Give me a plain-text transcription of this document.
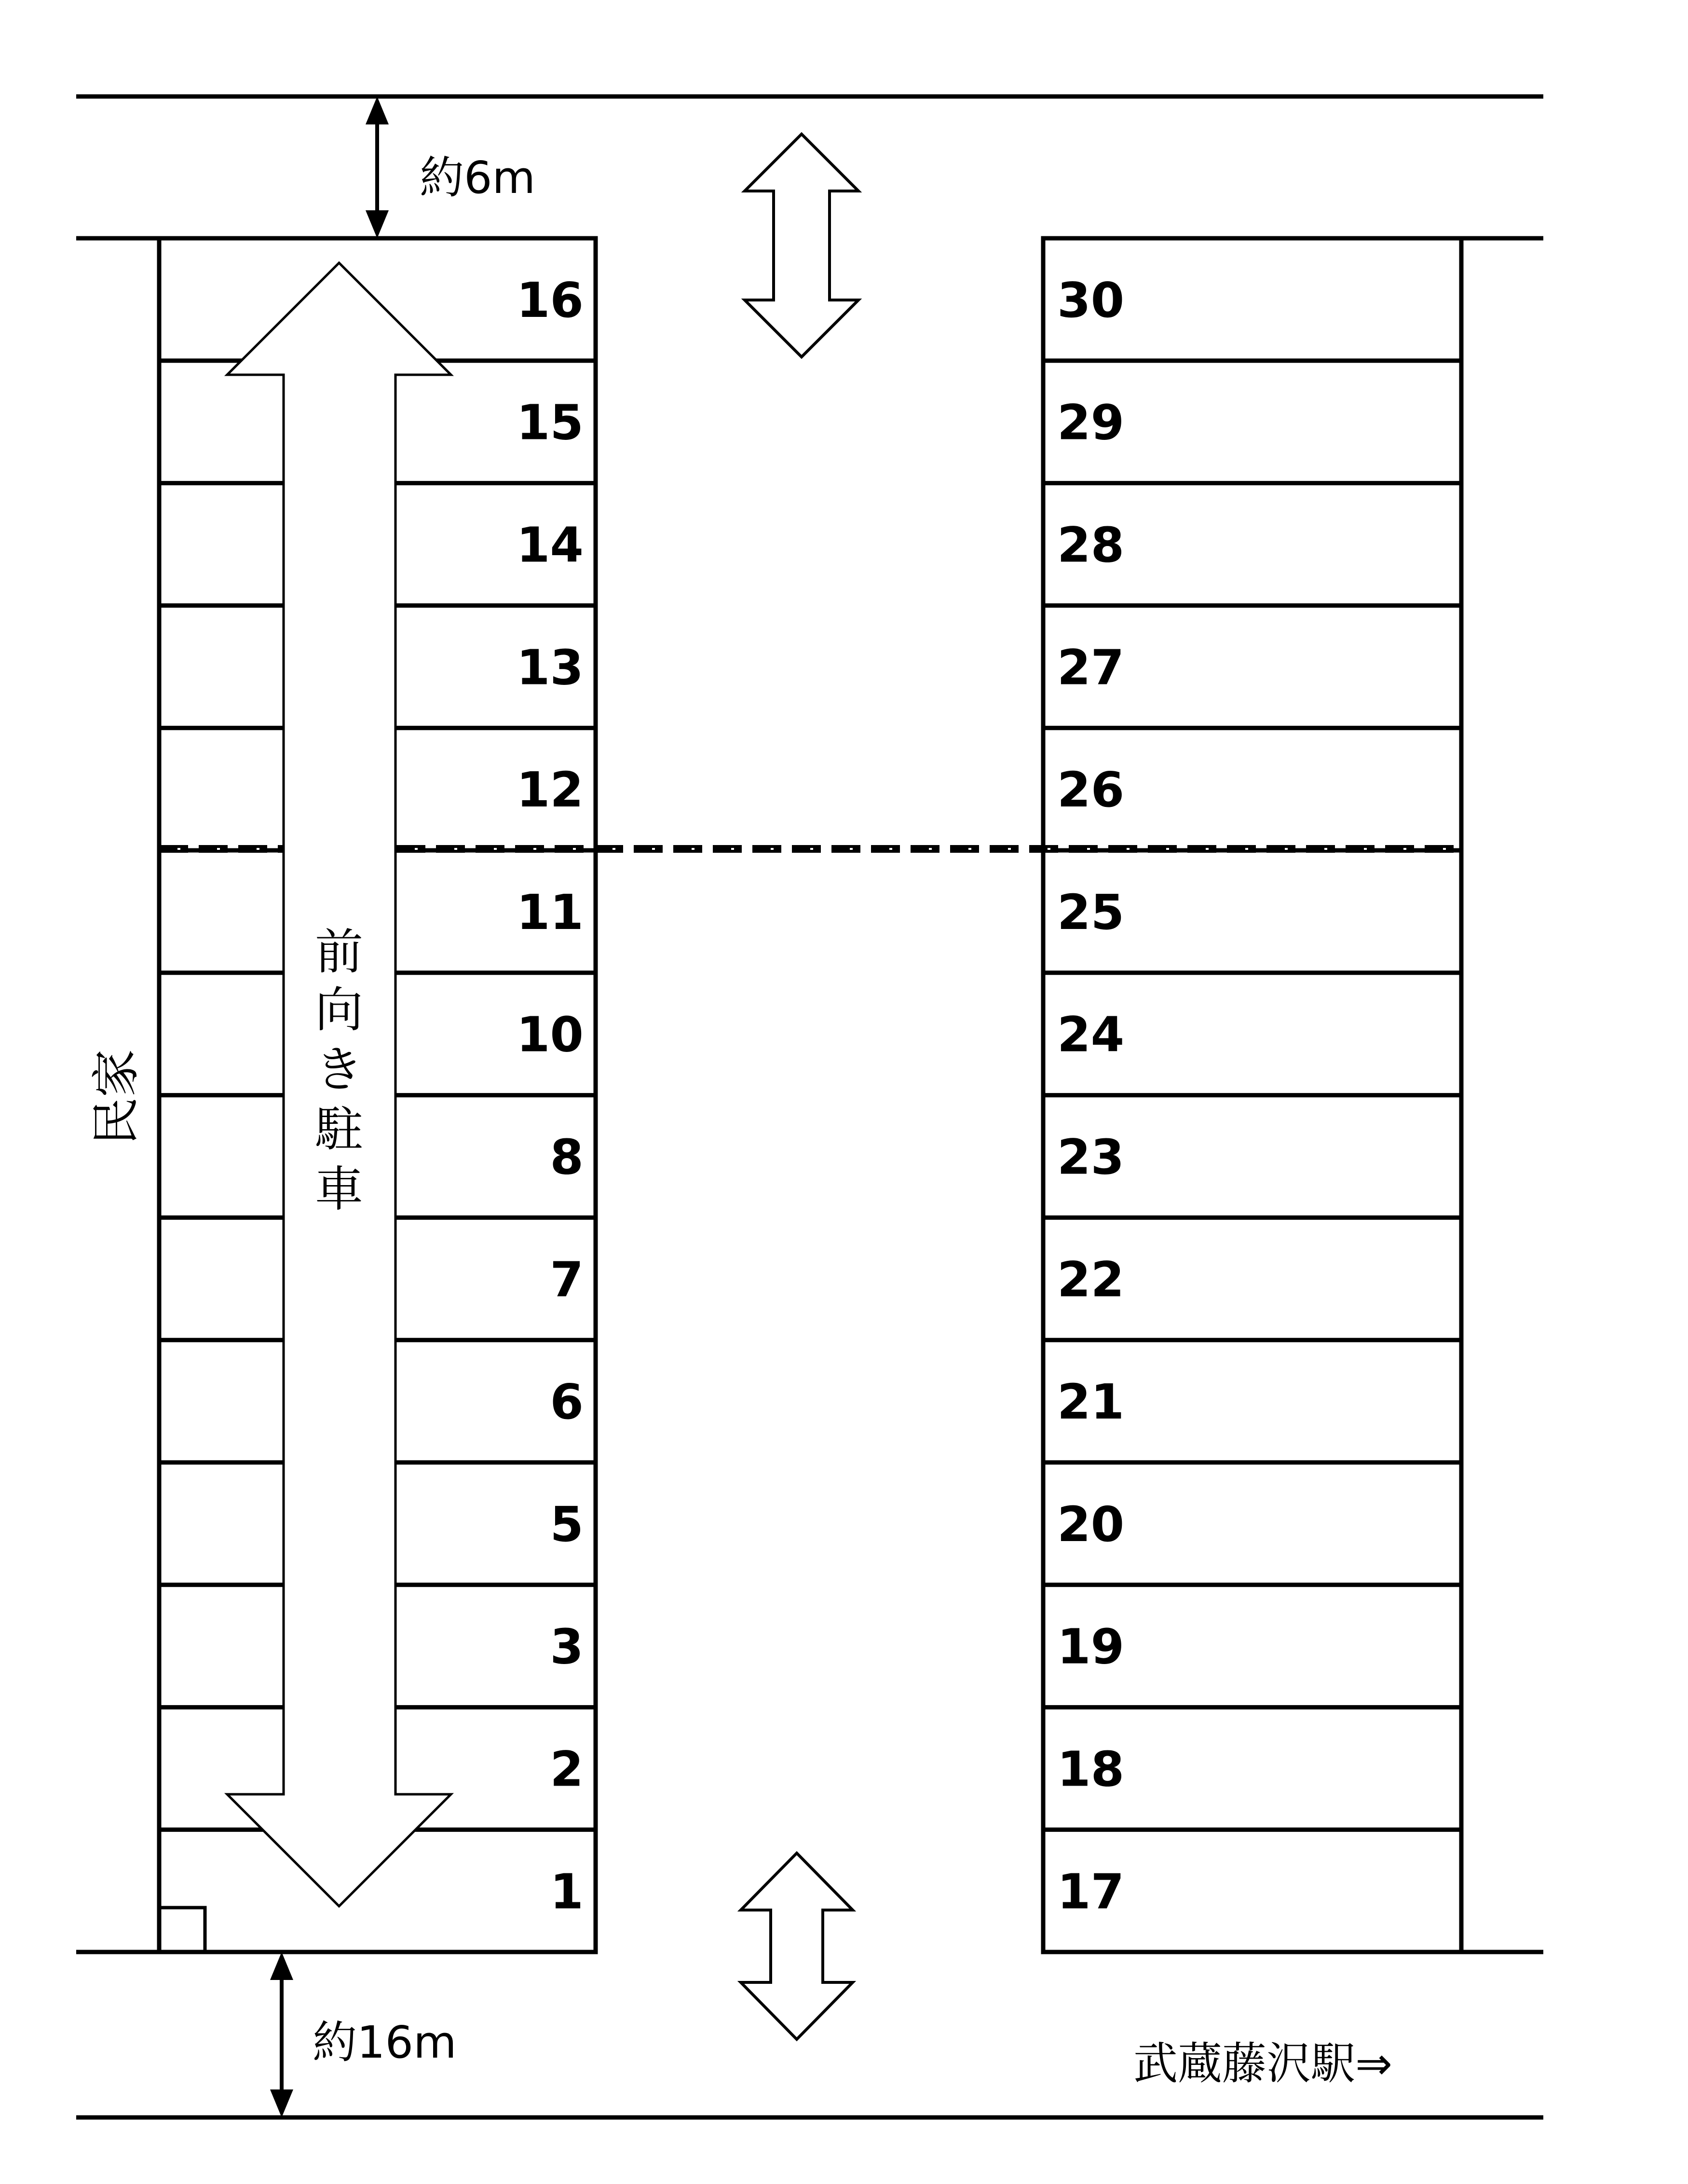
16
15
14
13
12
11
10
8
7
6
5
3
2
1
30
29
28
27
26
25
24
23
22
21
20
19
18
17
約6m
約16m	武蔵藤沢駅⇒
民家
前
向
き
駐
車
